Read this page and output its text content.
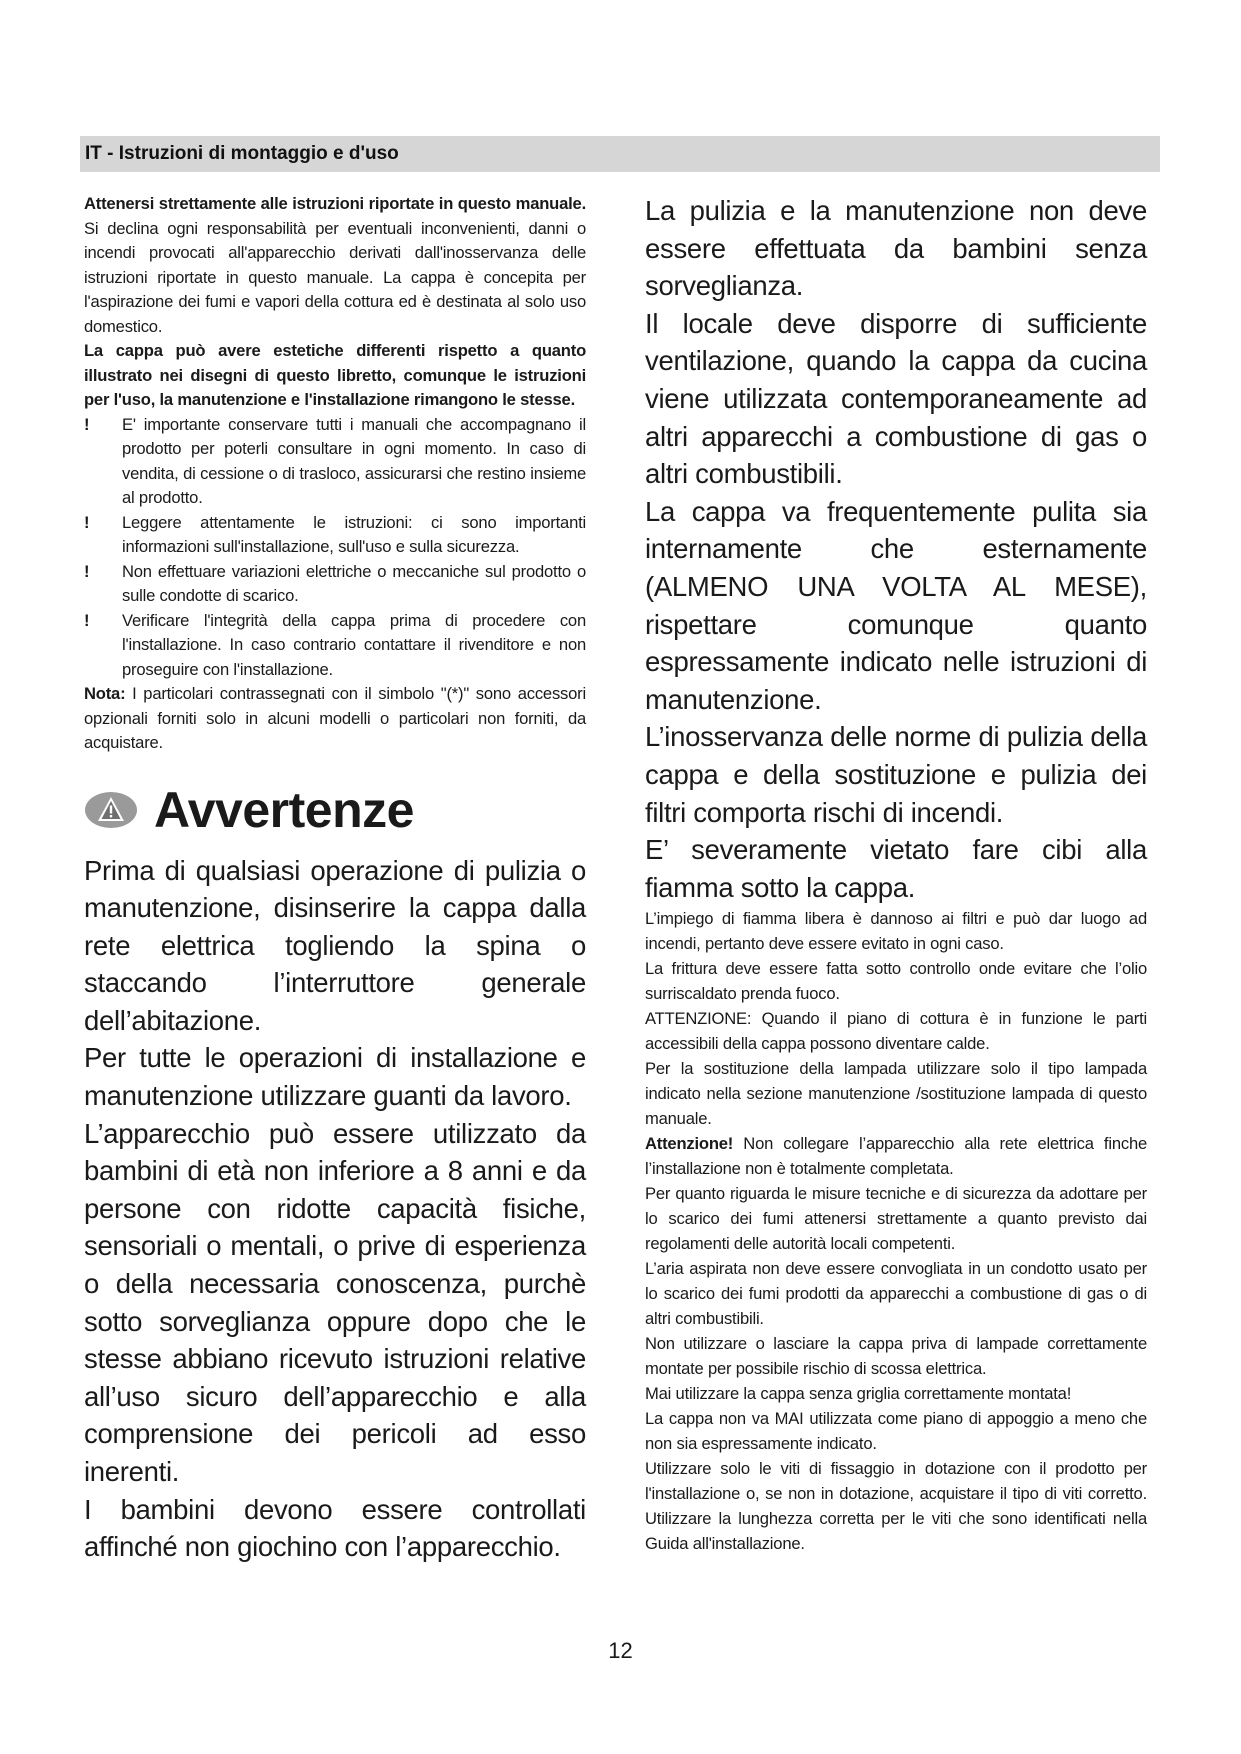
IT - Istruzioni di montaggio e d'uso

Attenersi strettamente alle istruzioni riportate in questo manuale. Si declina ogni responsabilità per eventuali inconvenienti, danni o incendi provocati all'apparecchio derivati dall'inosservanza delle istruzioni riportate in questo manuale. La cappa è concepita per l'aspirazione dei fumi e vapori della cottura ed è destinata al solo uso domestico.

La cappa può avere estetiche differenti rispetto a quanto illustrato nei disegni di questo libretto, comunque le istruzioni per l'uso, la manutenzione e l'installazione rimangono le stesse.

! E' importante conservare tutti i manuali che accompagnano il prodotto per poterli consultare in ogni momento. In caso di vendita, di cessione o di trasloco, assicurarsi che restino insieme al prodotto.

! Leggere attentamente le istruzioni: ci sono importanti informazioni sull'installazione, sull'uso e sulla sicurezza.

! Non effettuare variazioni elettriche o meccaniche sul prodotto o sulle condotte di scarico.

! Verificare l'integrità della cappa prima di procedere con l'installazione. In caso contrario contattare il rivenditore e non proseguire con l'installazione.

Nota: I particolari contrassegnati con il simbolo "(*)" sono accessori opzionali forniti solo in alcuni modelli o particolari non forniti, da acquistare.

Avvertenze

Prima di qualsiasi operazione di pulizia o manutenzione, disinserire la cappa dalla rete elettrica togliendo la spina o staccando l’interruttore generale dell’abitazione.

Per tutte le operazioni di installazione e manutenzione utilizzare guanti da lavoro.

L’apparecchio può essere utilizzato da bambini di età non inferiore a 8 anni e da persone con ridotte capacità fisiche, sensoriali o mentali, o prive di esperienza o della necessaria conoscenza, purchè sotto sorveglianza oppure dopo che le stesse abbiano ricevuto istruzioni relative all’uso sicuro dell’apparecchio e alla comprensione dei pericoli ad esso inerenti.

I bambini devono essere controllati affinché non giochino con l’apparecchio.

La pulizia e la manutenzione non deve essere effettuata da bambini senza sorveglianza.

Il locale deve disporre di sufficiente ventilazione, quando la cappa da cucina viene utilizzata contemporaneamente ad altri apparecchi a combustione di gas o altri combustibili.

La cappa va frequentemente pulita sia internamente che esternamente (ALMENO UNA VOLTA AL MESE), rispettare comunque quanto espressamente indicato nelle istruzioni di manutenzione.

L’inosservanza delle norme di pulizia della cappa e della sostituzione e pulizia dei filtri comporta rischi di incendi.

E’ severamente vietato fare cibi alla fiamma sotto la cappa.

L’impiego di fiamma libera è dannoso ai filtri e può dar luogo ad incendi, pertanto deve essere evitato in ogni caso.

La frittura deve essere fatta sotto controllo onde evitare che l’olio surriscaldato prenda fuoco.

ATTENZIONE: Quando il piano di cottura è in funzione le parti accessibili della cappa possono diventare calde.

Per la sostituzione della lampada utilizzare solo il tipo lampada indicato nella sezione manutenzione /sostituzione lampada di questo manuale.

Attenzione! Non collegare l’apparecchio alla rete elettrica finche l’installazione non è totalmente completata.

Per quanto riguarda le misure tecniche e di sicurezza da adottare per lo scarico dei fumi attenersi strettamente a quanto previsto dai regolamenti delle autorità locali competenti.

L’aria aspirata non deve essere convogliata in un condotto usato per lo scarico dei fumi prodotti da apparecchi a combustione di gas o di altri combustibili.

Non utilizzare o lasciare la cappa priva di lampade correttamente montate per possibile rischio di scossa elettrica.

Mai utilizzare la cappa senza griglia correttamente montata!

La cappa non va MAI utilizzata come piano di appoggio a meno che non sia espressamente indicato.

Utilizzare solo le viti di fissaggio in dotazione con il prodotto per l'installazione o, se non in dotazione, acquistare il tipo di viti corretto. Utilizzare la lunghezza corretta per le viti che sono identificati nella Guida all'installazione.

12
